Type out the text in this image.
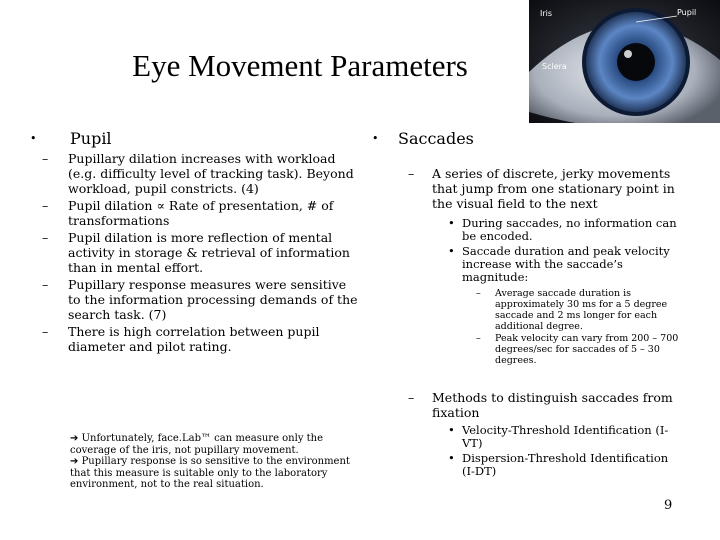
Eye Movement Parameters
Iris	Pupil
Sclera
• Pupil
– Pupillary dilation increases with workload (e.g. difficulty level of tracking task). Beyond workload, pupil constricts. (4)
– Pupil dilation ∝ Rate of presentation, # of transformations
– Pupil dilation is more reflection of mental activity in storage & retrieval of information than in mental effort.
– Pupillary response measures were sensitive to the information processing demands of the search task. (7)
– There is high correlation between pupil diameter and pilot rating.
➔ Unfortunately, face.Lab™ can measure only the coverage of the iris, not pupillary movement.
➔ Pupillary response is so sensitive to the environment that this measure is suitable only to the laboratory environment, not to the real situation.
• Saccades
– A series of discrete, jerky movements that jump from one stationary point in the visual field to the next
• During saccades, no information can be encoded.
• Saccade duration and peak velocity increase with the saccade’s magnitude:
– Average saccade duration is approximately 30 ms for a 5 degree saccade and 2 ms longer for each additional degree.
– Peak velocity can vary from 200 – 700 degrees/sec for saccades of 5 – 30 degrees.
– Methods to distinguish saccades from fixation
• Velocity-Threshold Identification (I-VT)
• Dispersion-Threshold Identification (I-DT)
9
